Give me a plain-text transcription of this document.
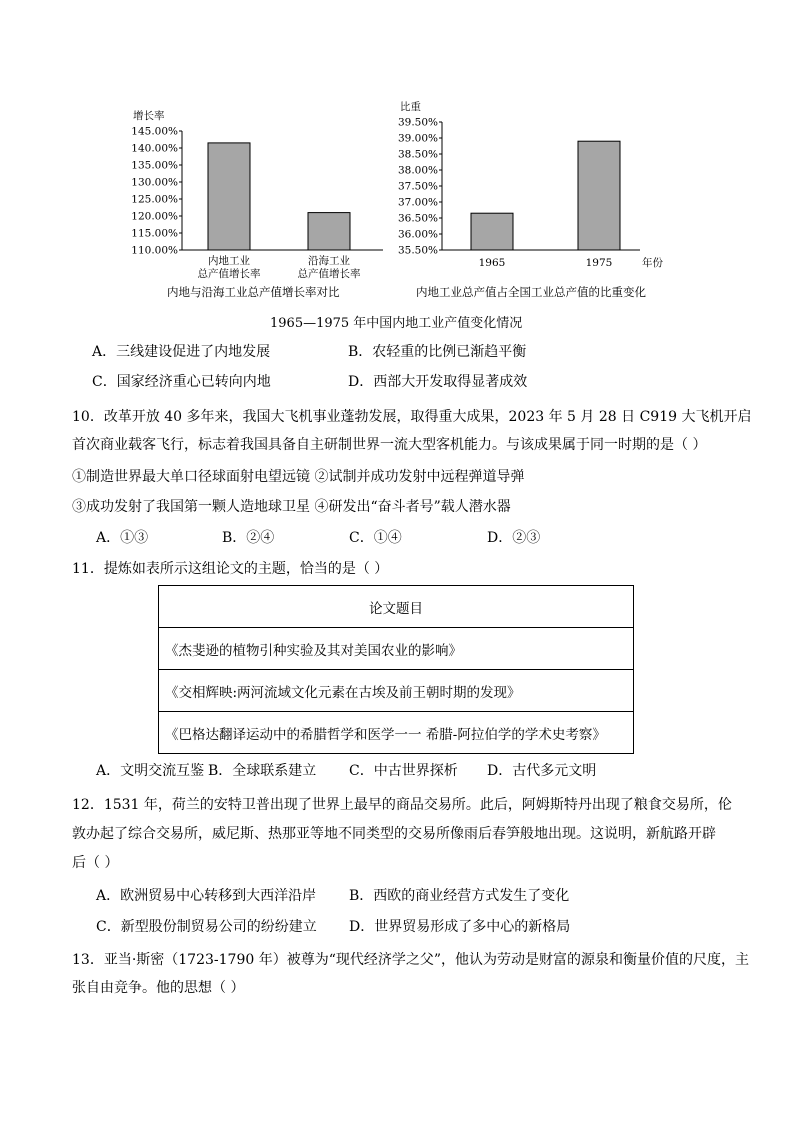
增长率
110.00%
115.00%
120.00%
125.00%
130.00%
135.00%
140.00%
145.00%
内地工业
总产值增长率
沿海工业
总产值增长率
比重
35.50%
36.00%
36.50%
37.00%
37.50%
38.00%
38.50%
39.00%
39.50%
1965	1975	年份
内地与沿海工业总产值增长率对比	内地工业总产值占全国工业总产值的比重变化
1965—1975 年中国内地工业产值变化情况
A．三线建设促进了内地发展	B．农轻重的比例已渐趋平衡
C．国家经济重心已转向内地	D．西部大开发取得显著成效
10．改革开放 40 多年来，我国大飞机事业蓬勃发展，取得重大成果，2023 年 5 月 28 日 C919 大飞机开启
首次商业载客飞行，标志着我国具备自主研制世界一流大型客机能力。与该成果属于同一时期的是（ ）
①制造世界最大单口径球面射电望远镜 ②试制并成功发射中远程弹道导弹
③成功发射了我国第一颗人造地球卫星 ④研发出“奋斗者号”载人潜水器
A．①③	B．②④	C．①④	D．②③
11．提炼如表所示这组论文的主题，恰当的是（ ）
论文题目
《杰斐逊的植物引种实验及其对美国农业的影响》
《交相辉映:两河流域文化元素在古埃及前王朝时期的发现》
《巴格达翻译运动中的希腊哲学和医学一一 希腊-阿拉伯学的学术史考察》
A．文明交流互鉴 B．全球联系建立 C．中古世界探析 D．古代多元文明
12．1531 年，荷兰的安特卫普出现了世界上最早的商品交易所。此后，阿姆斯特丹出现了粮食交易所，伦
敦办起了综合交易所，威尼斯、热那亚等地不同类型的交易所像雨后春笋般地出现。这说明，新航路开辟
后（ ）
A．欧洲贸易中心转移到大西洋沿岸 B．西欧的商业经营方式发生了变化
C．新型股份制贸易公司的纷纷建立 D．世界贸易形成了多中心的新格局
13．亚当·斯密（1723-1790 年）被尊为“现代经济学之父”，他认为劳动是财富的源泉和衡量价值的尺度，主
张自由竞争。他的思想（ ）
